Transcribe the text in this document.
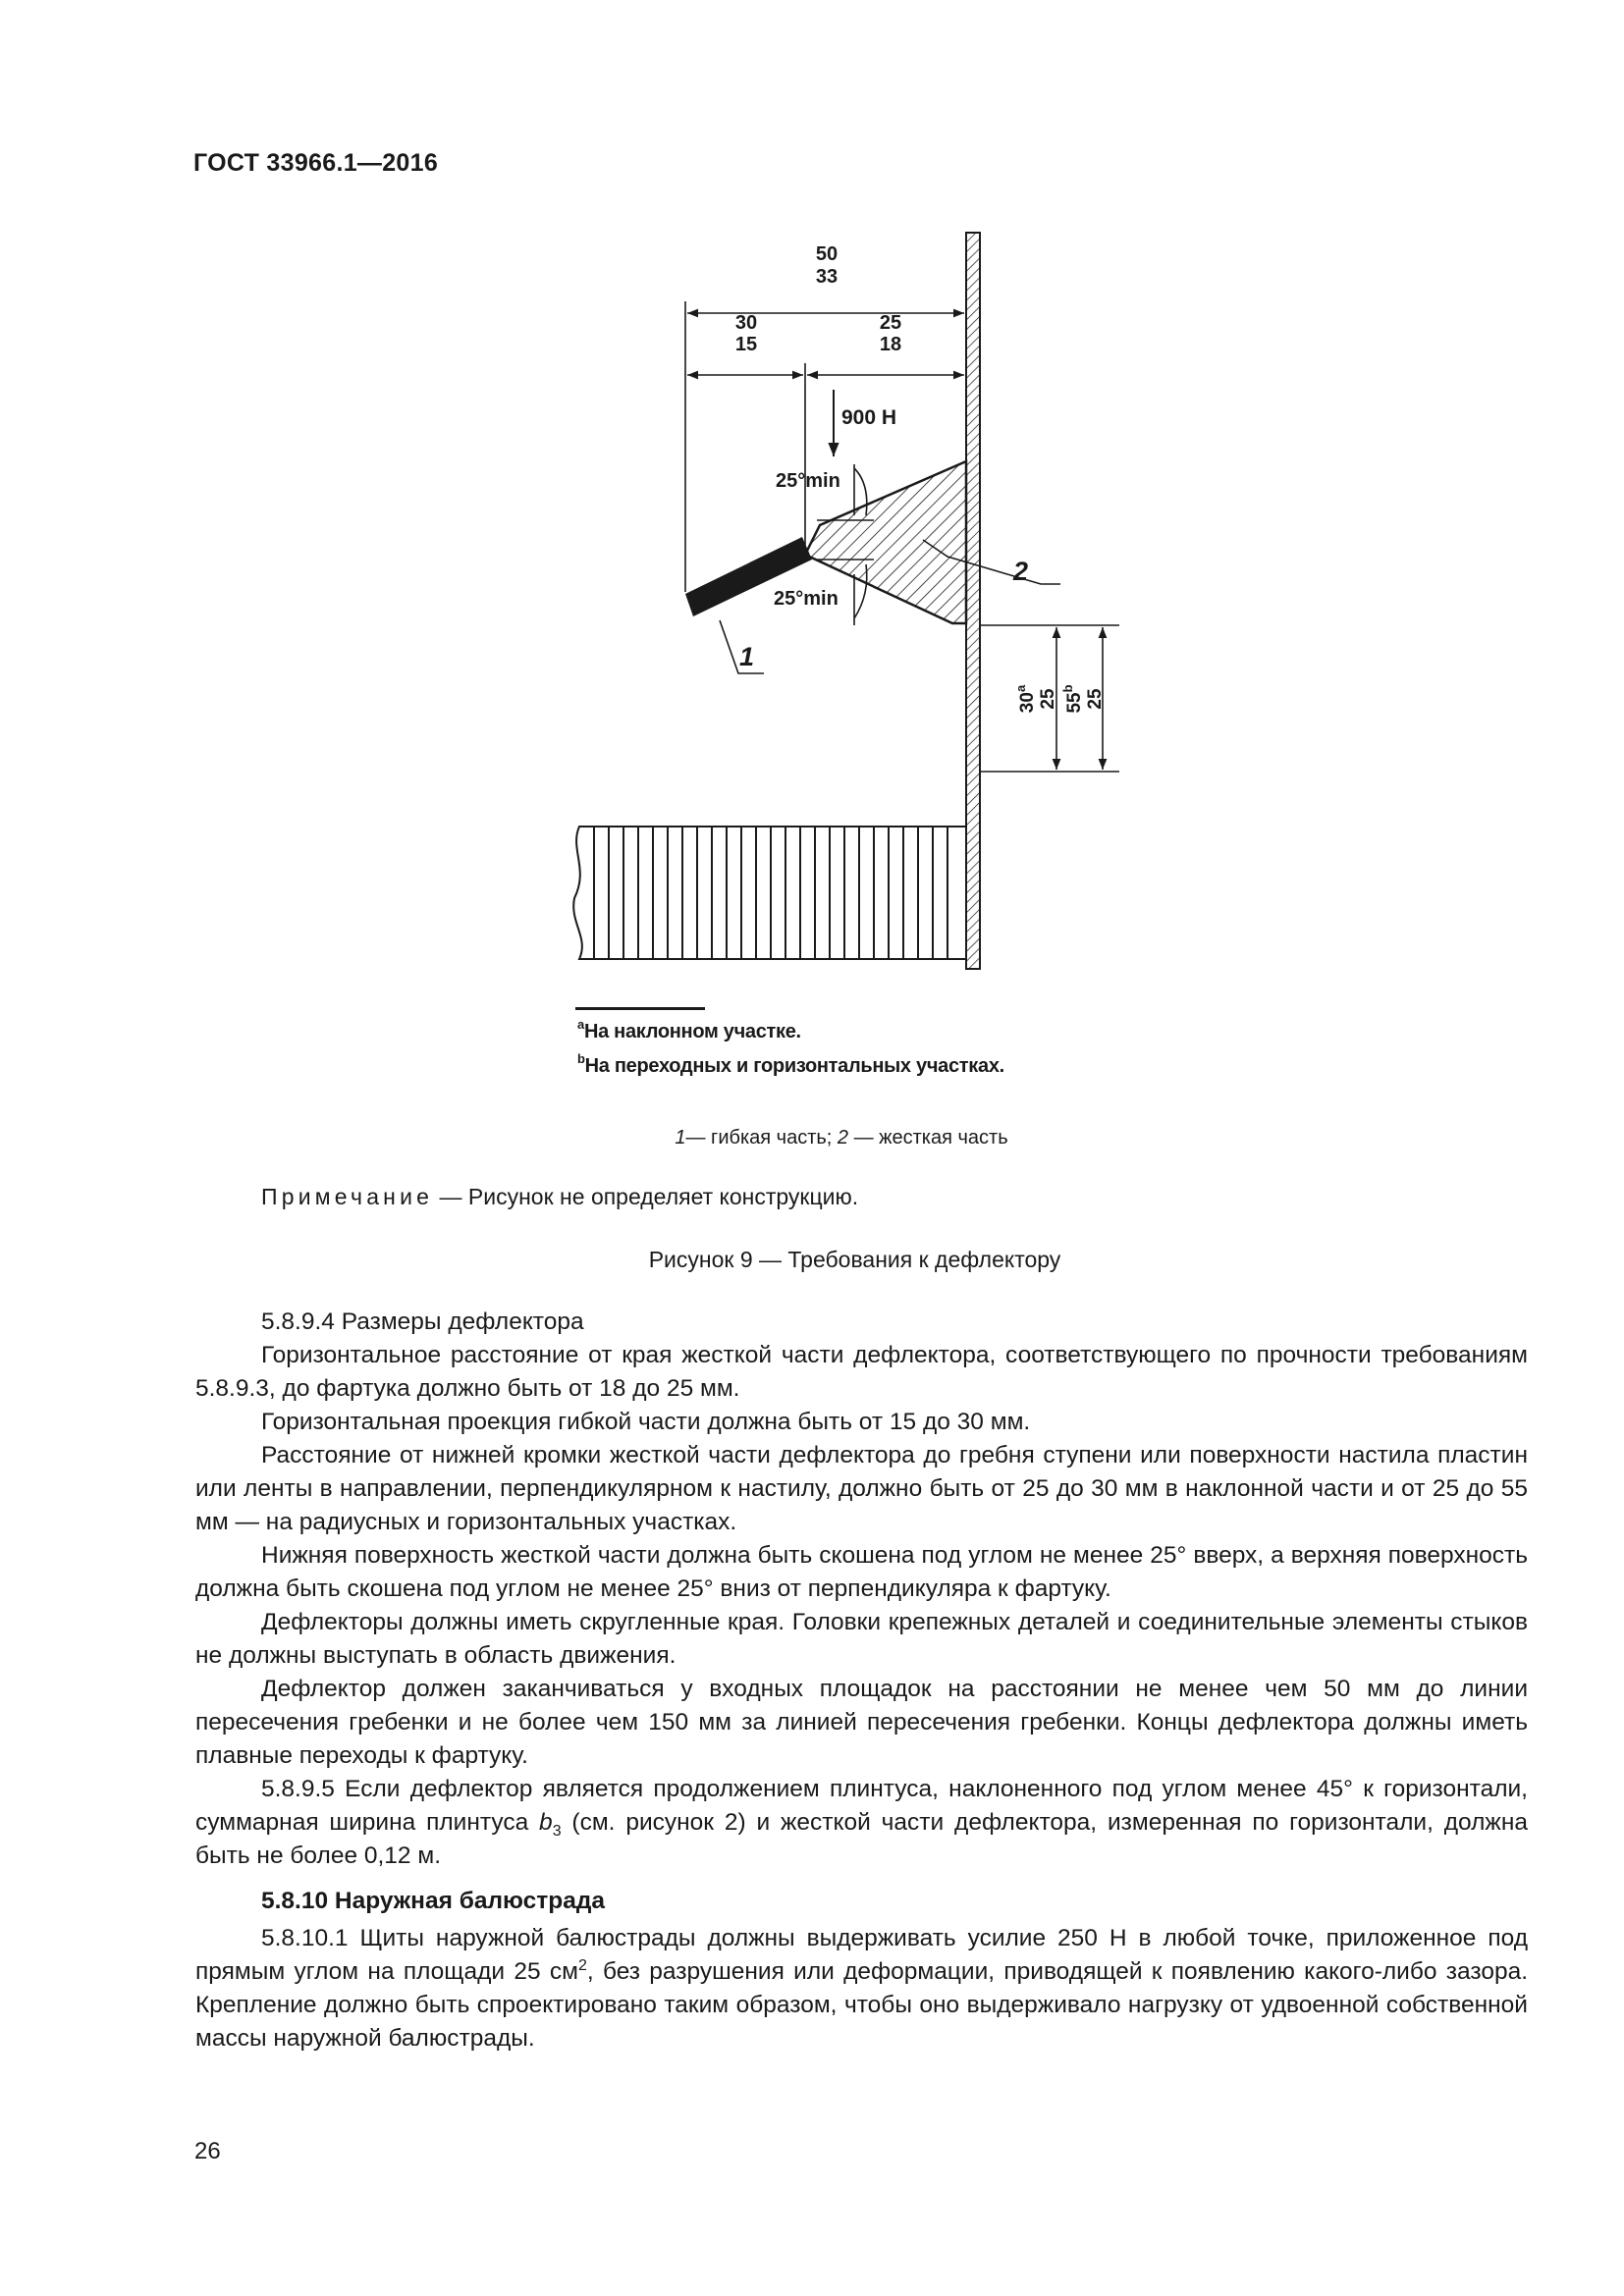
ГОСТ 33966.1—2016
50
33
30
15
25
18
900 Н
25°min
25°min
2
1
30$^a$ 25 55$^b$ 25
$^a$На наклонном участке.
$^b$На переходных и горизонтальных участках.
1— гибкая часть; 2 — жесткая часть
Примечание — Рисунок не определяет конструкцию.
Рисунок 9 — Требования к дефлектору
5.8.9.4 Размеры дефлектора
Горизонтальное расстояние от края жесткой части дефлектора, соответствующего по прочности требованиям 5.8.9.3, до фартука должно быть от 18 до 25 мм.
Горизонтальная проекция гибкой части должна быть от 15 до 30 мм.
Расстояние от нижней кромки жесткой части дефлектора до гребня ступени или поверхности настила пластин или ленты в направлении, перпендикулярном к настилу, должно быть от 25 до 30 мм в наклонной части и от 25 до 55 мм — на радиусных и горизонтальных участках.
Нижняя поверхность жесткой части должна быть скошена под углом не менее 25° вверх, а верхняя поверхность должна быть скошена под углом не менее 25° вниз от перпендикуляра к фартуку.
Дефлекторы должны иметь скругленные края. Головки крепежных деталей и соединительные элементы стыков не должны выступать в область движения.
Дефлектор должен заканчиваться у входных площадок на расстоянии не менее чем 50 мм до линии пересечения гребенки и не более чем 150 мм за линией пересечения гребенки. Концы дефлектора должны иметь плавные переходы к фартуку.
5.8.9.5 Если дефлектор является продолжением плинтуса, наклоненного под углом менее 45° к горизонтали, суммарная ширина плинтуса $b_3$ (см. рисунок 2) и жесткой части дефлектора, измеренная по горизонтали, должна быть не более 0,12 м.
5.8.10 Наружная балюстрада
5.8.10.1 Щиты наружной балюстрады должны выдерживать усилие 250 Н в любой точке, приложенное под прямым углом на площади 25 $см^2$, без разрушения или деформации, приводящей к появлению какого-либо зазора. Крепление должно быть спроектировано таким образом, чтобы оно выдерживало нагрузку от удвоенной собственной массы наружной балюстрады.
26
